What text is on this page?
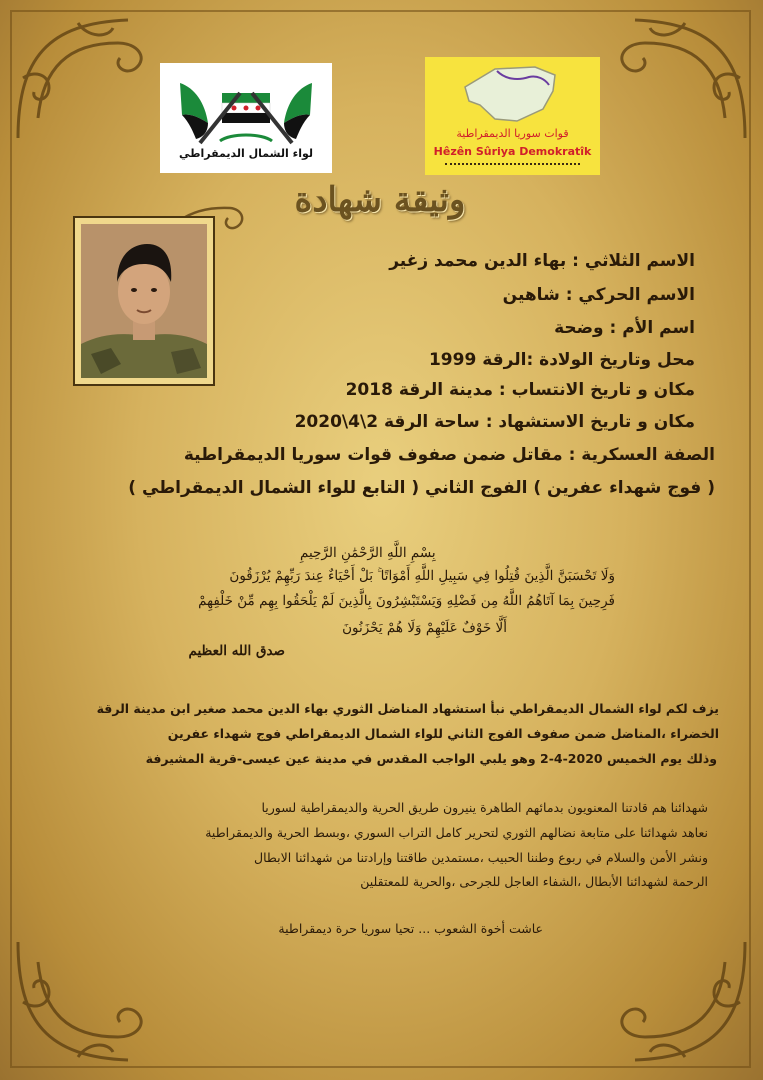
لواء الشمال الديمقراطي
قوات سوريا الديمقراطية
Hêzên Sûriya Demokratîk
وثيقة شهادة
الاسم الثلاثي : بهاء الدين محمد زغير
الاسم الحركي : شاهين
اسم الأم : وضحة
محل وتاريخ الولادة :الرقة 1999
مكان و تاريخ الانتساب : مدينة الرقة 2018
مكان و تاريخ الاستشهاد : ساحة الرقة 2\4\2020
الصفة العسكرية : مقاتل ضمن صفوف قوات سوريا الديمقراطية
( فوج شهداء عفرين ) الفوج الثاني ( التابع للواء الشمال الديمقراطي )
بِسْمِ اللَّهِ الرَّحْمَٰنِ الرَّحِيمِ
وَلَا تَحْسَبَنَّ الَّذِينَ قُتِلُوا فِي سَبِيلِ اللَّهِ أَمْوَاتًا ۚ بَلْ أَحْيَاءٌ عِندَ رَبِّهِمْ يُرْزَقُونَ
فَرِحِينَ بِمَا آتَاهُمُ اللَّهُ مِن فَضْلِهِ وَيَسْتَبْشِرُونَ بِالَّذِينَ لَمْ يَلْحَقُوا بِهِم مِّنْ خَلْفِهِمْ
أَلَّا خَوْفٌ عَلَيْهِمْ وَلَا هُمْ يَحْزَنُونَ
صدق الله العظيم
يزف لكم لواء الشمال الديمقراطي نبأ استشهاد المناضل الثوري بهاء الدين محمد صغير ابن مدينة الرقة
الخضراء ،المناضل ضمن صفوف الفوج الثاني للواء الشمال الديمقراطي فوج شهداء عفرين
وذلك يوم الخميس 2020-4-2 وهو يلبي الواجب المقدس في مدينة عين عيسى-قرية المشيرفة
شهدائنا هم قادتنا المعنويون بدمائهم الطاهرة ينيرون طريق الحرية والديمقراطية لسوريا
نعاهد شهدائنا على متابعة نضالهم الثوري لتحرير كامل التراب السوري ،وبسط الحرية والديمقراطية
ونشر الأمن والسلام في ربوع وطننا الحبيب ،مستمدين طاقتنا وإرادتنا من شهدائنا الابطال
الرحمة لشهدائنا الأبطال ،الشفاء العاجل للجرحى ،والحرية للمعتقلين
عاشت أخوة الشعوب ... تحيا سوريا حرة ديمقراطية
